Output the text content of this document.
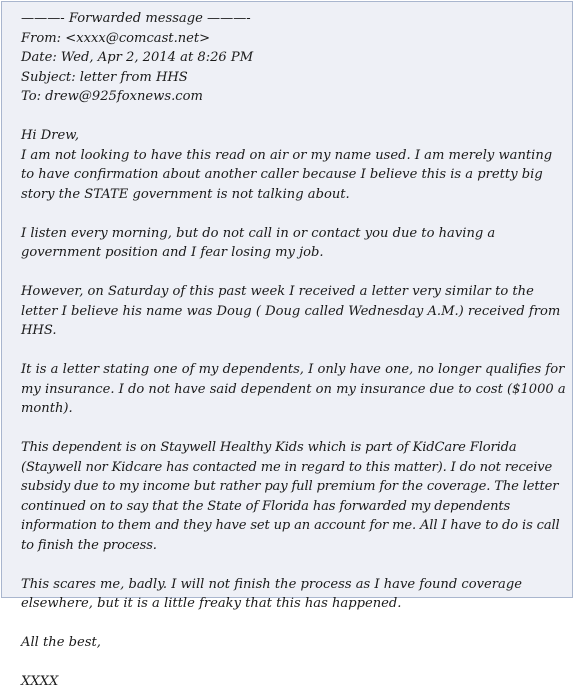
———- Forwarded message ———-

From: <xxxx@comcast.net>

Date: Wed, Apr 2, 2014 at 8:26 PM

Subject: letter from HHS

To: drew@925foxnews.com

Hi Drew,

I am not looking to have this read on air or my name used. I am merely wanting to have confirmation about another caller because I believe this is a pretty big story the STATE government is not talking about.

I listen every morning, but do not call in or contact you due to having a government position and I fear losing my job.

However, on Saturday of this past week I received a letter very similar to the letter I believe his name was Doug ( Doug called Wednesday A.M.) received from HHS.

It is a letter stating one of my dependents, I only have one, no longer qualifies for my insurance. I do not have said dependent on my insurance due to cost ($1000 a month).

This dependent is on Staywell Healthy Kids which is part of KidCare Florida (Staywell nor Kidcare has contacted me in regard to this matter). I do not receive subsidy due to my income but rather pay full premium for the coverage. The letter continued on to say that the State of Florida has forwarded my dependents information to them and they have set up an account for me. All I have to do is call to finish the process.

This scares me, badly. I will not finish the process as I have found coverage elsewhere, but it is a little freaky that this has happened.

All the best,

XXXX
